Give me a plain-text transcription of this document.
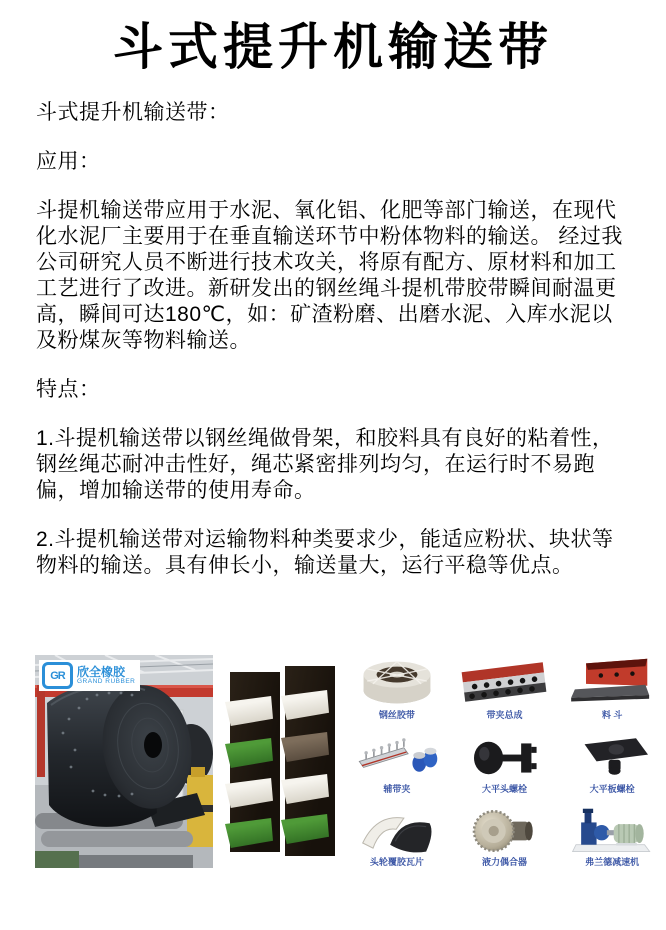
斗式提升机输送带

斗式提升机输送带：

应用：

斗提机输送带应用于水泥、氧化铝、化肥等部门输送，在现代化水泥厂主要用于在垂直输送环节中粉体物料的输送。 经过我公司研究人员不断进行技术攻关，将原有配方、原材料和加工工艺进行了改进。新研发出的钢丝绳斗提机带胶带瞬间耐温更高，瞬间可达180℃，如：矿渣粉磨、出磨水泥、入库水泥以及粉煤灰等物料输送。

特点：

1.斗提机输送带以钢丝绳做骨架，和胶料具有良好的粘着性，钢丝绳芯耐冲击性好，绳芯紧密排列均匀，在运行时不易跑偏，增加输送带的使用寿命。

2.斗提机输送带对运输物料种类要求少，能适应粉状、块状等物料的输送。具有伸长小，输送量大，运行平稳等优点。

GR	欣全橡胶
GRAND RUBBER
钢丝胶带	带夹总成	料 斗
辅带夹	大平头螺栓	大平板螺栓
头轮覆胶瓦片	液力偶合器	弗兰德减速机
